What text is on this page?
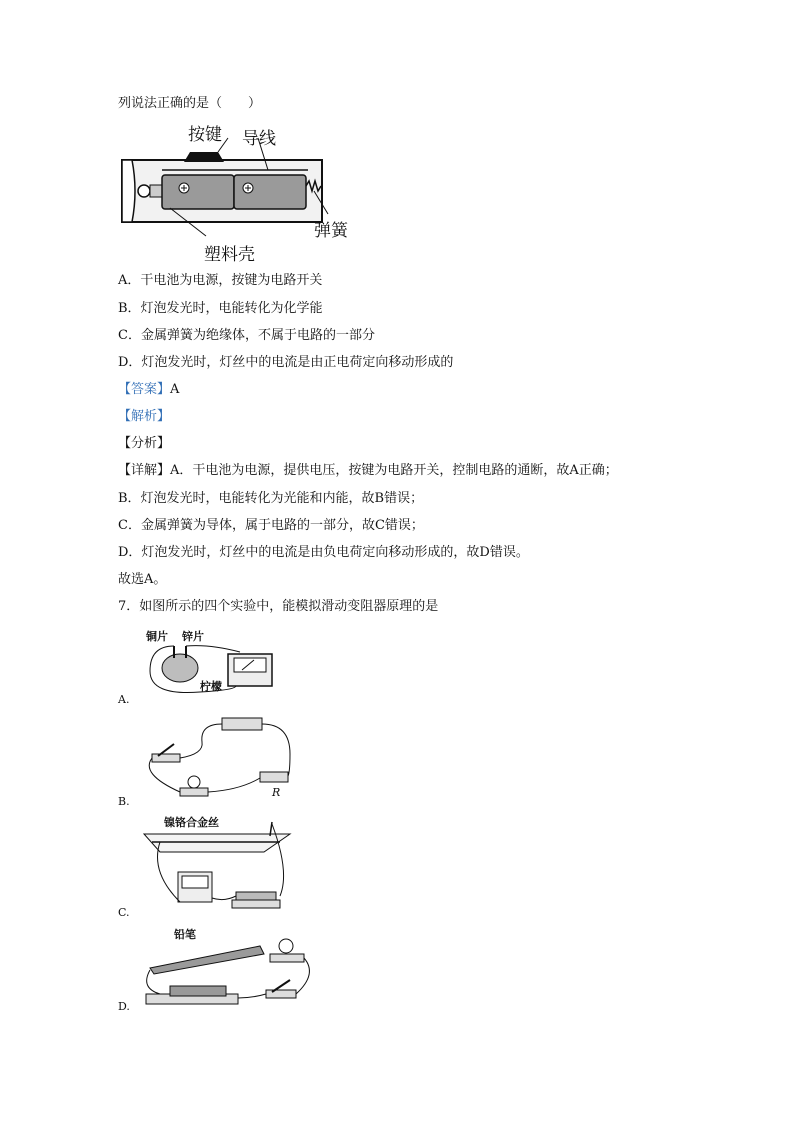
列说法正确的是（　　）
按键 导线
塑料壳
弹簧
A．干电池为电源，按键为电路开关
B．灯泡发光时，电能转化为化学能
C．金属弹簧为绝缘体，不属于电路的一部分
D．灯泡发光时，灯丝中的电流是由正电荷定向移动形成的
【答案】A
【解析】
【分析】
【详解】A．干电池为电源，提供电压，按键为电路开关，控制电路的通断，故A正确；
B．灯泡发光时，电能转化为光能和内能，故B错误；
C．金属弹簧为导体，属于电路的一部分，故C错误；
D．灯泡发光时，灯丝中的电流是由负电荷定向移动形成的，故D错误。
故选A。
7．如图所示的四个实验中，能模拟滑动变阻器原理的是
铜片 锌片
柠檬
A.
R
B.
镍铬合金丝
C.
铅笔
D.
